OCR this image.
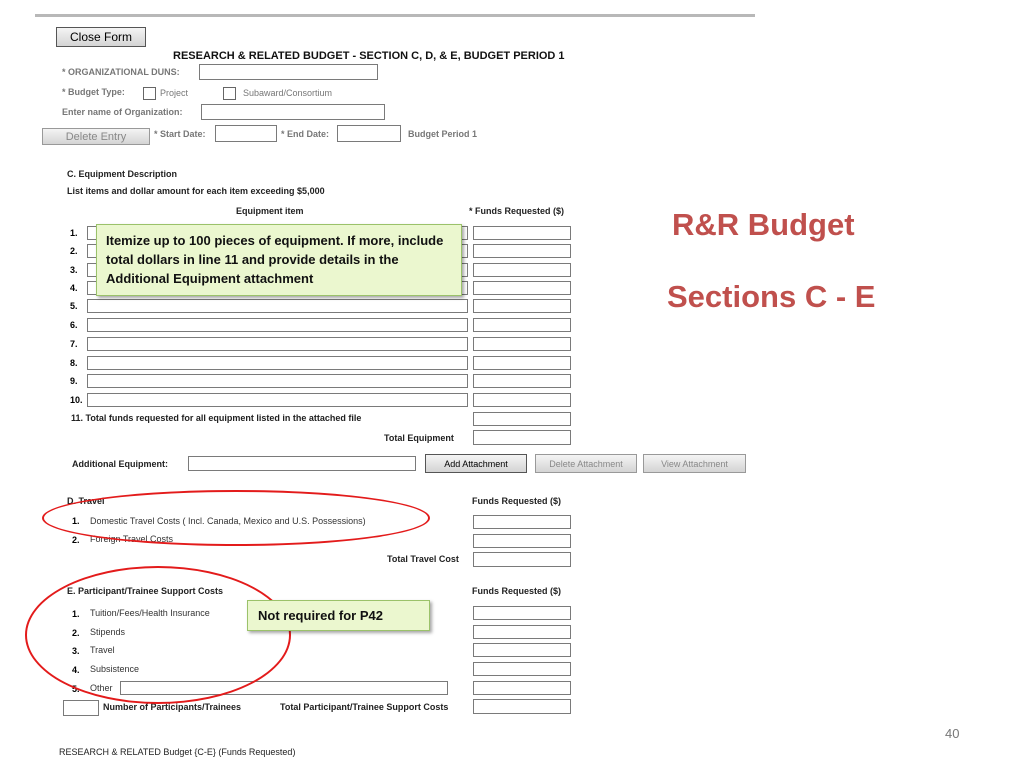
Close Form
RESEARCH & RELATED BUDGET - SECTION C, D, & E, BUDGET PERIOD 1
* ORGANIZATIONAL DUNS:
* Budget Type:	Project	Subaward/Consortium
Enter name of Organization:
Delete Entry	* Start Date:	* End Date:	Budget Period 1
C. Equipment Description
List items and dollar amount for each item exceeding $5,000
Equipment item	* Funds Requested ($)
1.
2.
3.
4.
5.
6.
7.
8.
9.
10.
11. Total funds requested for all equipment listed in the attached file
Total Equipment
Additional Equipment:	Add Attachment	Delete Attachment	View Attachment
D. Travel	Funds Requested ($)
1. Domestic Travel Costs ( Incl. Canada, Mexico and U.S. Possessions)
2. Foreign Travel Costs
Total Travel Cost
E. Participant/Trainee Support Costs	Funds Requested ($)
1. Tuition/Fees/Health Insurance
2. Stipends
3. Travel
4. Subsistence
5. Other
Number of Participants/Trainees	Total Participant/Trainee Support Costs
RESEARCH & RELATED Budget {C-E} (Funds Requested)
R&R Budget
Sections C - E
40
Itemize up to 100 pieces of equipment. If more, include total dollars in line 11 and provide details in the Additional Equipment attachment
Not required for P42
